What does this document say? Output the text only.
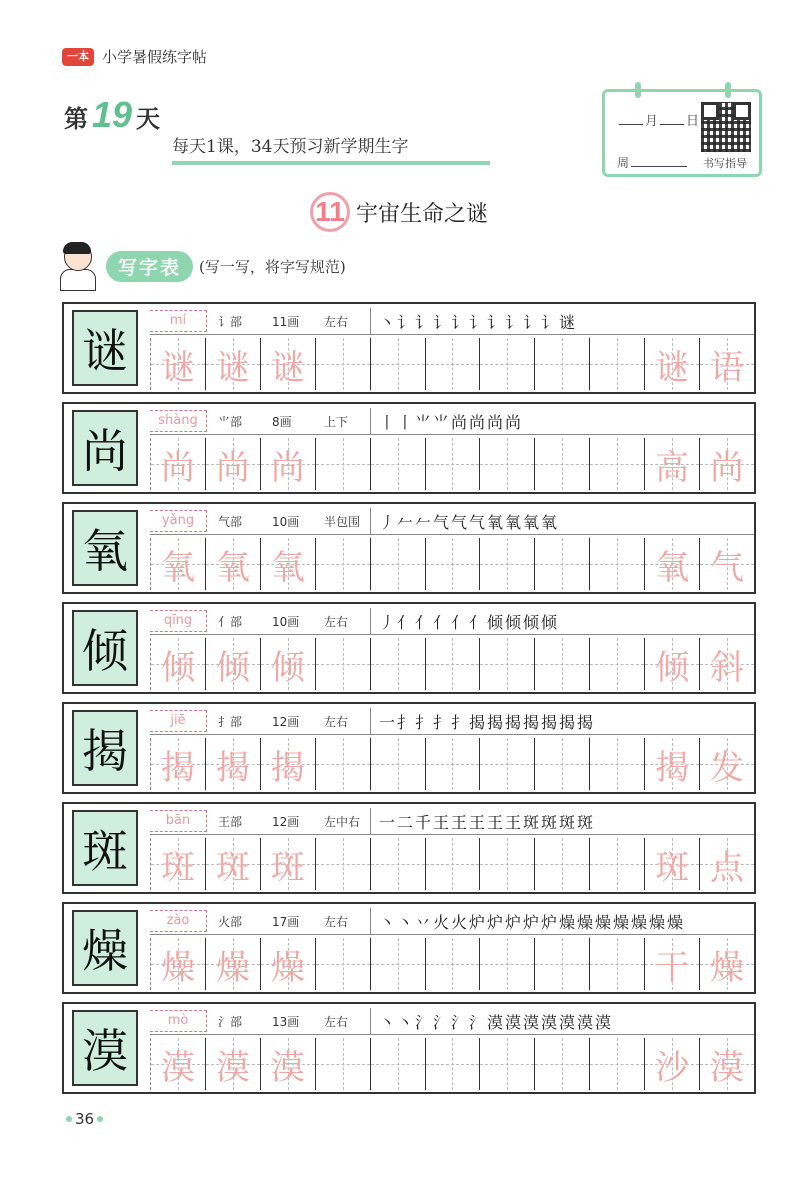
一本 小学暑假练字帖
第 19 天
每天1课，34天预习新学期生字
月 日
周	书写指导
11 宇宙生命之谜
写字表	(写一写，将字写规范)
谜
mí	讠部 11画 左右 丶讠讠讠讠讠讠讠讠讠谜
谜 谜 谜	谜 语
尚
shàng	⺌部 8画	上下 丨丨⺌⺌尚尚尚尚
尚 尚 尚	高 尚
氧
yǎng	气部 10画 半包围 丿𠂉𠂉气气气氧氧氧氧
氧 氧 氧	氧 气
倾
qīng	亻部 10画 左右 丿亻亻亻亻亻倾倾倾倾
倾 倾 倾	倾 斜
揭
jiē	扌部 12画 左右 一扌扌扌扌揭揭揭揭揭揭揭
揭 揭 揭	揭 发
斑
bān	王部 12画 左中右 一二千王王王王王斑斑斑斑
斑 斑 斑	斑 点
燥
zào	火部 17画 左右 丶丶丷火火炉炉炉炉炉燥燥燥燥燥燥燥
燥 燥 燥	干 燥
漠
mò	氵部 13画 左右 丶丶氵氵氵氵漠漠漠漠漠漠漠
漠 漠 漠	沙 漠
36
